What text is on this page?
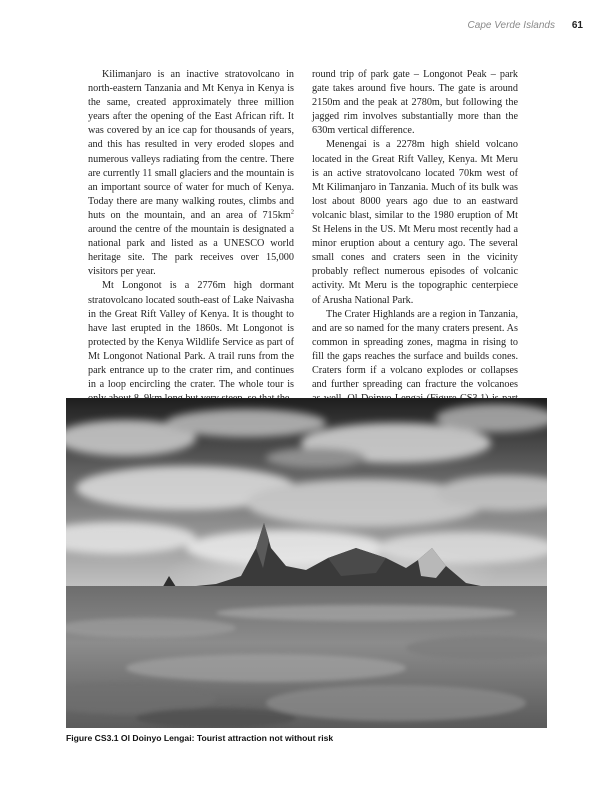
Cape Verde Islands 61

Kilimanjaro is an inactive stratovolcano in north-eastern Tanzania and Mt Kenya in Kenya is the same, created approximately three million years after the opening of the East African rift. It was covered by an ice cap for thousands of years, and this has resulted in very eroded slopes and numerous valleys radiating from the centre. There are currently 11 small glaciers and the mountain is an important source of water for much of Kenya. Today there are many walking routes, climbs and huts on the mountain, and an area of $715km^2$ around the centre of the mountain is designated a national park and listed as a UNESCO world heritage site. The park receives over 15,000 visitors per year.

Mt Longonot is a 2776m high dormant stratovolcano located south-east of Lake Naivasha in the Great Rift Valley of Kenya. It is thought to have last erupted in the 1860s. Mt Longonot is protected by the Kenya Wildlife Service as part of Mt Longonot National Park. A trail runs from the park entrance up to the crater rim, and continues in a loop encircling the crater. The whole tour is

round trip of park gate – Longonot Peak – park gate takes around five hours. The gate is around 2150m and the peak at 2780m, but following the jagged rim involves substantially more than the 630m vertical difference.

Menengai is a 2278m high shield volcano located in the Great Rift Valley, Kenya. Mt Meru is an active stratovolcano located 70km west of Mt Kilimanjaro in Tanzania. Much of its bulk was lost about 8000 years ago due to an eastward volcanic blast, similar to the 1980 eruption of Mt St Helens in the US. Mt Meru most recently had a minor eruption about a century ago. The several small cones and craters seen in the vicinity probably reflect numerous episodes of volcanic activity. Mt Meru is the topographic centerpiece of Arusha National Park.

The Crater Highlands are a region in Tanzania, and are so named for the many craters present. As common in spreading zones, magma in rising to fill the gaps reaches the surface and builds cones. Craters form if a volcano explodes or collapses and further spreading can fracture the volcanoes

Figure CS3.1 Ol Doinyo Lengai: Tourist attraction not without risk
